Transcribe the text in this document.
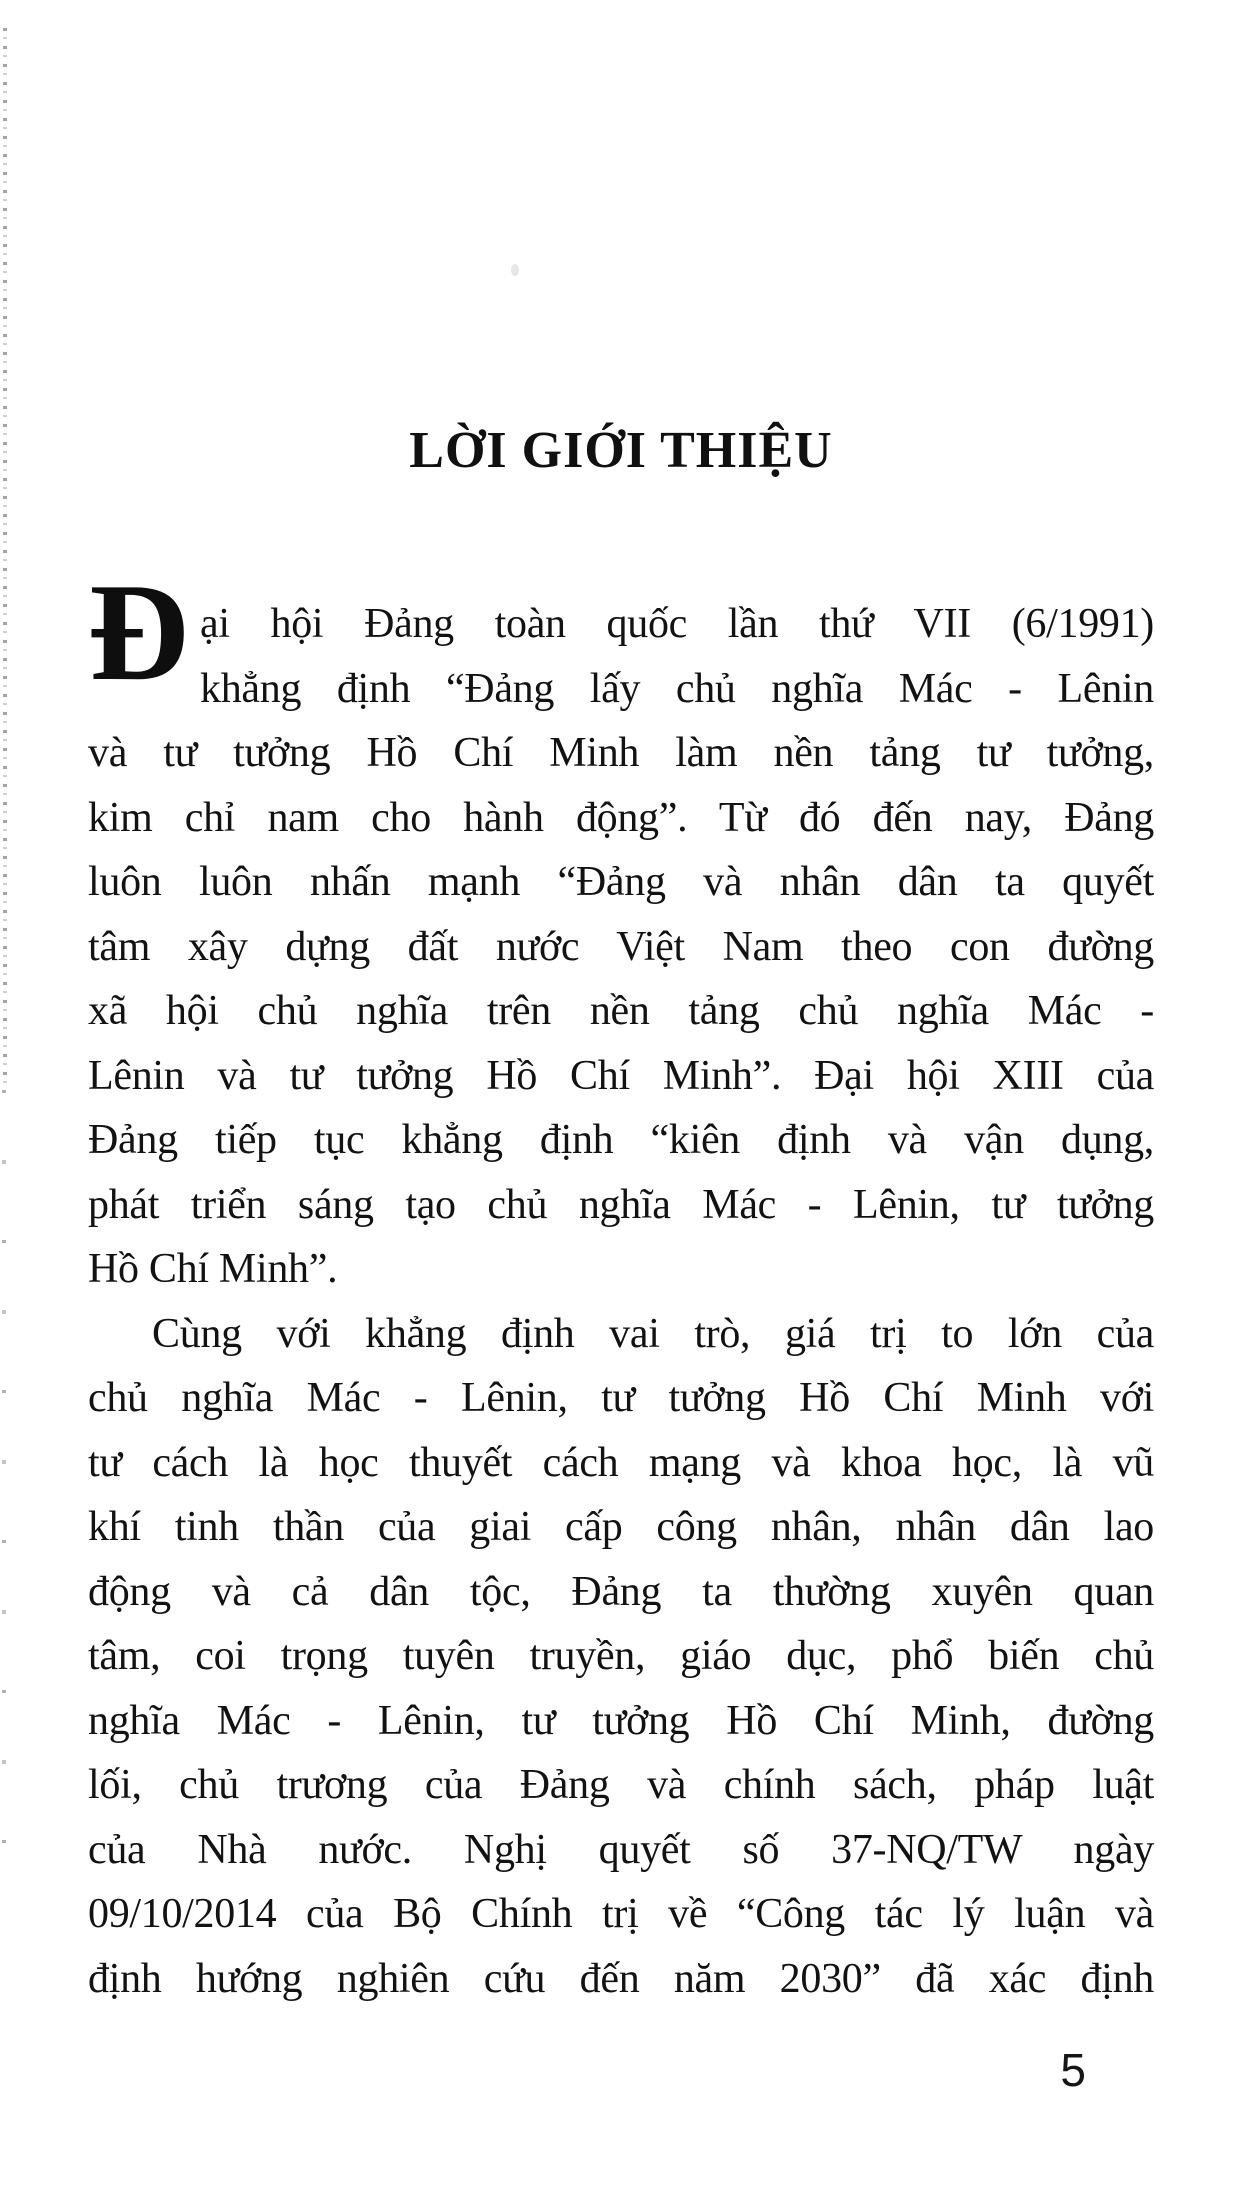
LỜI GIỚI THIỆU
Đ ại hội Đảng toàn quốc lần thứ VII (6/1991)
khẳng định “Đảng lấy chủ nghĩa Mác - Lênin
và tư tưởng Hồ Chí Minh làm nền tảng tư tưởng,
kim chỉ nam cho hành động”. Từ đó đến nay, Đảng
luôn luôn nhấn mạnh “Đảng và nhân dân ta quyết
tâm xây dựng đất nước Việt Nam theo con đường
xã hội chủ nghĩa trên nền tảng chủ nghĩa Mác -
Lênin và tư tưởng Hồ Chí Minh”. Đại hội XIII của
Đảng tiếp tục khẳng định “kiên định và vận dụng,
phát triển sáng tạo chủ nghĩa Mác - Lênin, tư tưởng
Hồ Chí Minh”.
Cùng với khẳng định vai trò, giá trị to lớn của
chủ nghĩa Mác - Lênin, tư tưởng Hồ Chí Minh với
tư cách là học thuyết cách mạng và khoa học, là vũ
khí tinh thần của giai cấp công nhân, nhân dân lao
động và cả dân tộc, Đảng ta thường xuyên quan
tâm, coi trọng tuyên truyền, giáo dục, phổ biến chủ
nghĩa Mác - Lênin, tư tưởng Hồ Chí Minh, đường
lối, chủ trương của Đảng và chính sách, pháp luật
của Nhà nước. Nghị quyết số 37-NQ/TW ngày
09/10/2014 của Bộ Chính trị về “Công tác lý luận và
định hướng nghiên cứu đến năm 2030” đã xác định
5
